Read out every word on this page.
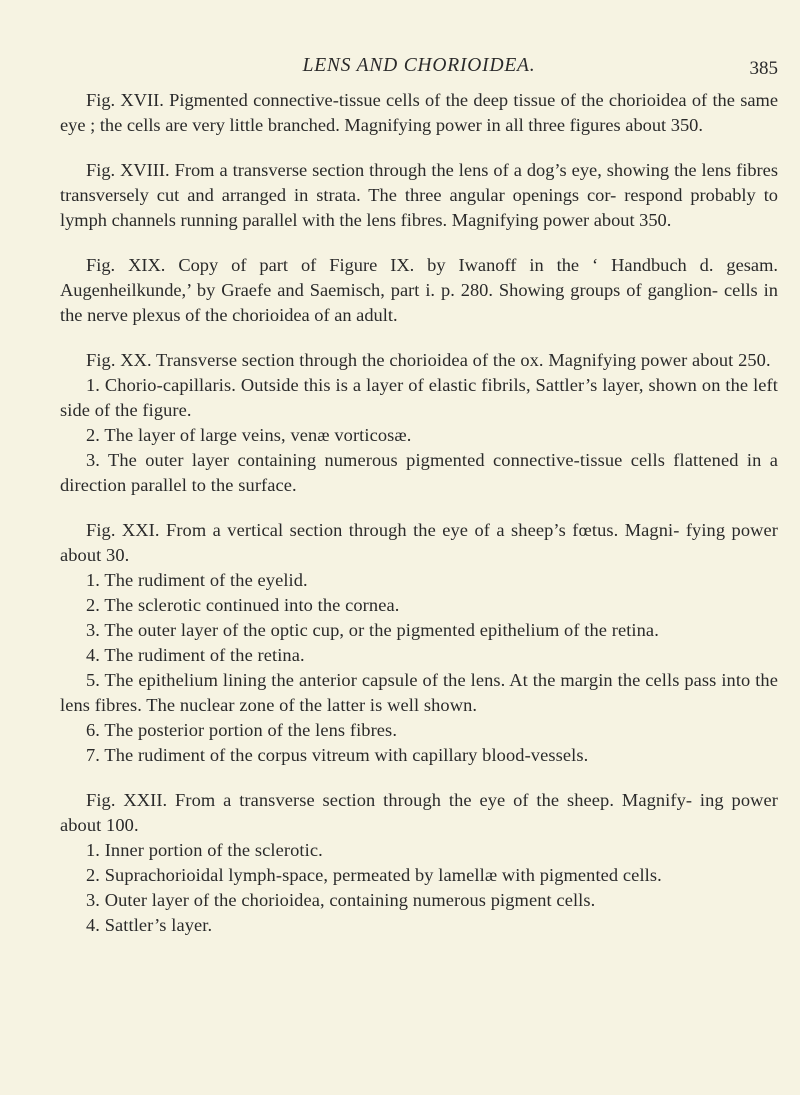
LENS AND CHORIOIDEA.	385

Fig. XVII. Pigmented connective-tissue cells of the deep tissue of the chorioidea of the same eye ; the cells are very little branched. Magnifying power in all three figures about 350.

Fig. XVIII. From a transverse section through the lens of a dog’s eye, showing the lens fibres transversely cut and arranged in strata. The three angular openings cor- respond probably to lymph channels running parallel with the lens fibres. Magnifying power about 350.

Fig. XIX. Copy of part of Figure IX. by Iwanoff in the ‘ Handbuch d. gesam. Augenheilkunde,’ by Graefe and Saemisch, part i. p. 280. Showing groups of ganglion- cells in the nerve plexus of the chorioidea of an adult.

Fig. XX. Transverse section through the chorioidea of the ox. Magnifying power about 250.

1. Chorio-capillaris. Outside this is a layer of elastic fibrils, Sattler’s layer, shown on the left side of the figure.

2. The layer of large veins, venæ vorticosæ.

3. The outer layer containing numerous pigmented connective-tissue cells flattened in a direction parallel to the surface.

Fig. XXI. From a vertical section through the eye of a sheep’s fœtus. Magni- fying power about 30.

1. The rudiment of the eyelid.

2. The sclerotic continued into the cornea.

3. The outer layer of the optic cup, or the pigmented epithelium of the retina.

4. The rudiment of the retina.

5. The epithelium lining the anterior capsule of the lens. At the margin the cells pass into the lens fibres. The nuclear zone of the latter is well shown.

6. The posterior portion of the lens fibres.

7. The rudiment of the corpus vitreum with capillary blood-vessels.

Fig. XXII. From a transverse section through the eye of the sheep. Magnify- ing power about 100.

1. Inner portion of the sclerotic.

2. Suprachorioidal lymph-space, permeated by lamellæ with pigmented cells.

3. Outer layer of the chorioidea, containing numerous pigment cells.

4. Sattler’s layer.
